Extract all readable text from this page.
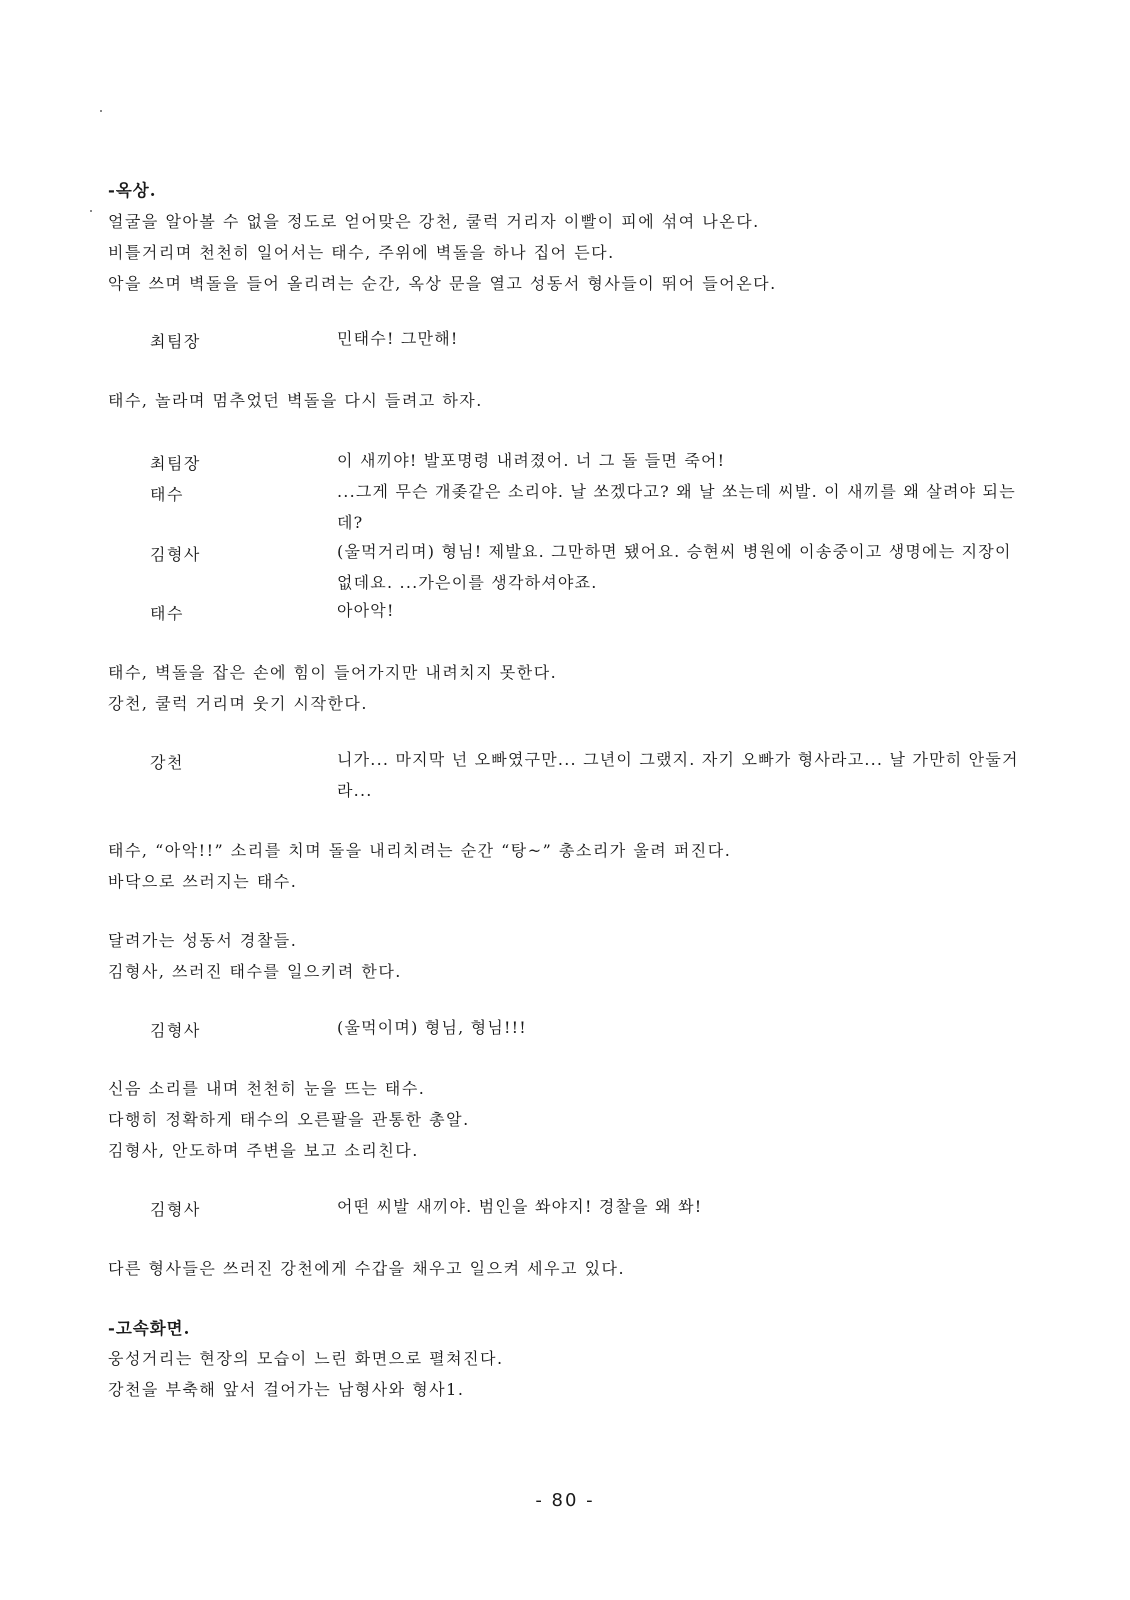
-옥상.
얼굴을 알아볼 수 없을 정도로 얻어맞은 강천, 쿨럭 거리자 이빨이 피에 섞여 나온다.
비틀거리며 천천히 일어서는 태수, 주위에 벽돌을 하나 집어 든다.
악을 쓰며 벽돌을 들어 올리려는 순간, 옥상 문을 열고 성동서 형사들이 뛰어 들어온다.
최팀장	민태수! 그만해!
태수, 놀라며 멈추었던 벽돌을 다시 들려고 하자.
최팀장	이 새끼야! 발포명령 내려졌어. 너 그 돌 들면 죽어!
태수	...그게 무슨 개좆같은 소리야. 날 쏘겠다고? 왜 날 쏘는데 씨발. 이 새끼를 왜 살려야 되는데?
김형사	(울먹거리며) 형님! 제발요. 그만하면 됐어요. 승현씨 병원에 이송중이고 생명에는 지장이 없데요. ...가은이를 생각하셔야죠.
태수	아아악!
태수, 벽돌을 잡은 손에 힘이 들어가지만 내려치지 못한다.
강천, 쿨럭 거리며 웃기 시작한다.
강천	니가... 마지막 넌 오빠였구만... 그년이 그랬지. 자기 오빠가 형사라고... 날 가만히 안둘거라...
태수, “아악!!” 소리를 치며 돌을 내리치려는 순간 “탕~” 총소리가 울려 퍼진다.
바닥으로 쓰러지는 태수.
달려가는 성동서 경찰들.
김형사, 쓰러진 태수를 일으키려 한다.
김형사	(울먹이며) 형님, 형님!!!
신음 소리를 내며 천천히 눈을 뜨는 태수.
다행히 정확하게 태수의 오른팔을 관통한 총알.
김형사, 안도하며 주변을 보고 소리친다.
김형사	어떤 씨발 새끼야. 범인을 쏴야지! 경찰을 왜 쏴!
다른 형사들은 쓰러진 강천에게 수갑을 채우고 일으켜 세우고 있다.
-고속화면.
웅성거리는 현장의 모습이 느린 화면으로 펼쳐진다.
강천을 부축해 앞서 걸어가는 남형사와 형사1.
- 80 -
